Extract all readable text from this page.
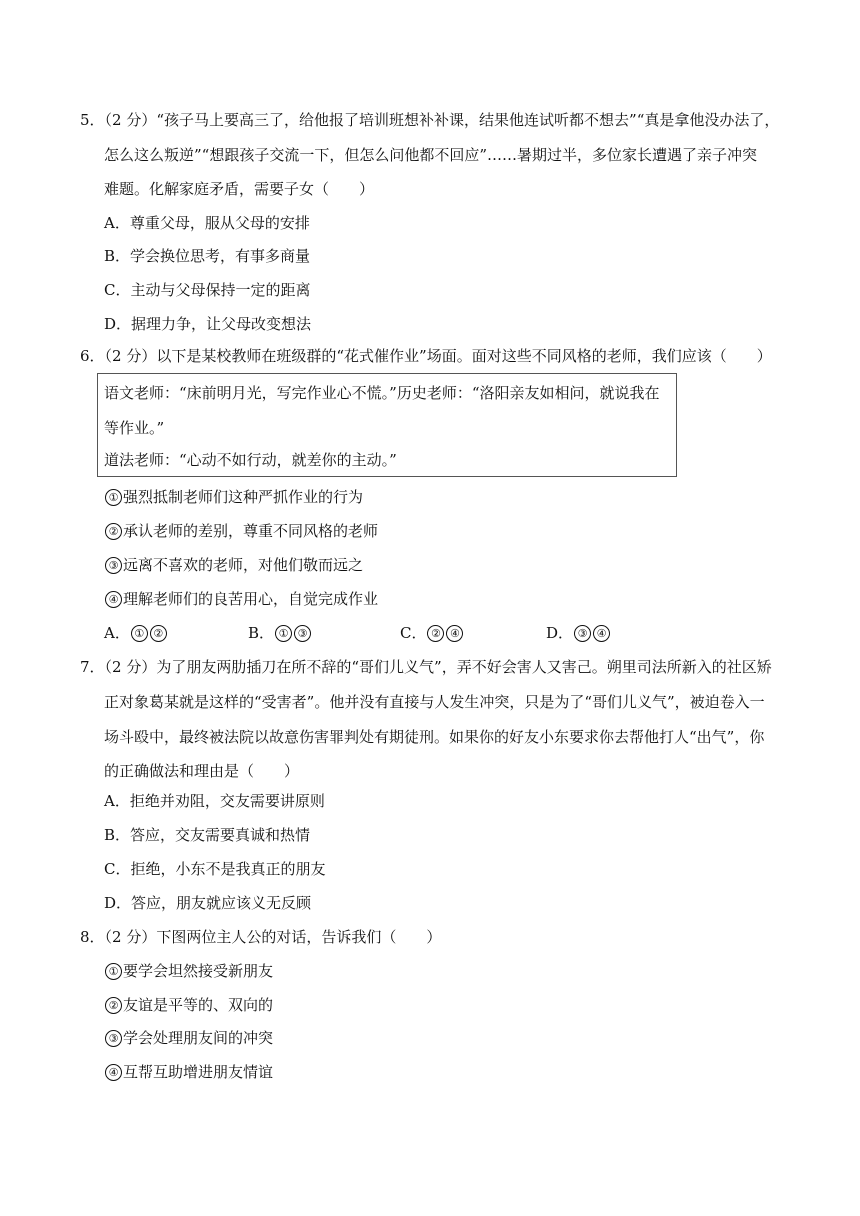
5．（2 分）“孩子马上要高三了，给他报了培训班想补补课，结果他连试听都不想去”“真是拿他没办法了，
怎么这么叛逆”“想跟孩子交流一下，但怎么问他都不回应”……暑期过半，多位家长遭遇了亲子冲突
难题。化解家庭矛盾，需要子女（　　）
A．尊重父母，服从父母的安排
B．学会换位思考，有事多商量
C．主动与父母保持一定的距离
D．据理力争，让父母改变想法
6．（2 分）以下是某校教师在班级群的“花式催作业”场面。面对这些不同风格的老师，我们应该（　　）
语文老师：“床前明月光，写完作业心不慌。”历史老师：“洛阳亲友如相问，就说我在
等作业。”
道法老师：“心动不如行动，就差你的主动。”
① 强烈抵制老师们这种严抓作业的行为
② 承认老师的差别，尊重不同风格的老师
③ 远离不喜欢的老师，对他们敬而远之
④ 理解老师们的良苦用心，自觉完成作业
A． ① ②	B． ① ③	C． ② ④	D． ③ ④
7．（2 分）为了朋友两肋插刀在所不辞的“哥们儿义气”，弄不好会害人又害己。朔里司法所新入的社区矫
正对象葛某就是这样的“受害者”。他并没有直接与人发生冲突，只是为了“哥们儿义气”，被迫卷入一
场斗殴中，最终被法院以故意伤害罪判处有期徒刑。如果你的好友小东要求你去帮他打人“出气”，你
的正确做法和理由是（　　）
A．拒绝并劝阻，交友需要讲原则
B．答应，交友需要真诚和热情
C．拒绝，小东不是我真正的朋友
D．答应，朋友就应该义无反顾
8．（2 分）下图两位主人公的对话，告诉我们（　　）
① 要学会坦然接受新朋友
② 友谊是平等的、双向的
③ 学会处理朋友间的冲突
④ 互帮互助增进朋友情谊
